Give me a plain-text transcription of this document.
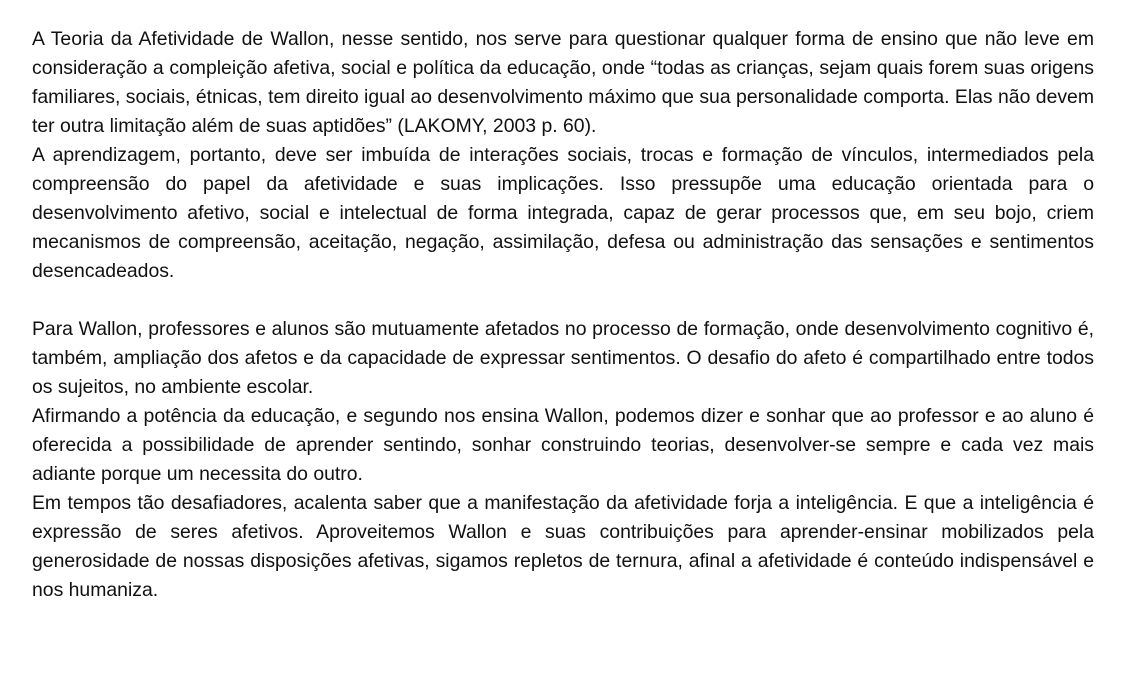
A Teoria da Afetividade de Wallon, nesse sentido, nos serve para questionar qualquer forma de ensino que não leve em consideração a compleição afetiva, social e política da educação, onde “todas as crianças, sejam quais forem suas origens familiares, sociais, étnicas, tem direito igual ao desenvolvimento máximo que sua personalidade comporta. Elas não devem ter outra limitação além de suas aptidões” (LAKOMY, 2003 p. 60).

A aprendizagem, portanto, deve ser imbuída de interações sociais, trocas e formação de vínculos, intermediados pela compreensão do papel da afetividade e suas implicações. Isso pressupõe uma educação orientada para o desenvolvimento afetivo, social e intelectual de forma integrada, capaz de gerar processos que, em seu bojo, criem mecanismos de compreensão, aceitação, negação, assimilação, defesa ou administração das sensações e sentimentos desencadeados.

Para Wallon, professores e alunos são mutuamente afetados no processo de formação, onde desenvolvimento cognitivo é, também, ampliação dos afetos e da capacidade de expressar sentimentos. O desafio do afeto é compartilhado entre todos os sujeitos, no ambiente escolar.

Afirmando a potência da educação, e segundo nos ensina Wallon, podemos dizer e sonhar que ao professor e ao aluno é oferecida a possibilidade de aprender sentindo, sonhar construindo teorias, desenvolver-se sempre e cada vez mais adiante porque um necessita do outro.

Em tempos tão desafiadores, acalenta saber que a manifestação da afetividade forja a inteligência. E que a inteligência é expressão de seres afetivos. Aproveitemos Wallon e suas contribuições para aprender-ensinar mobilizados pela generosidade de nossas disposições afetivas, sigamos repletos de ternura, afinal a afetividade é conteúdo indispensável e nos humaniza.
